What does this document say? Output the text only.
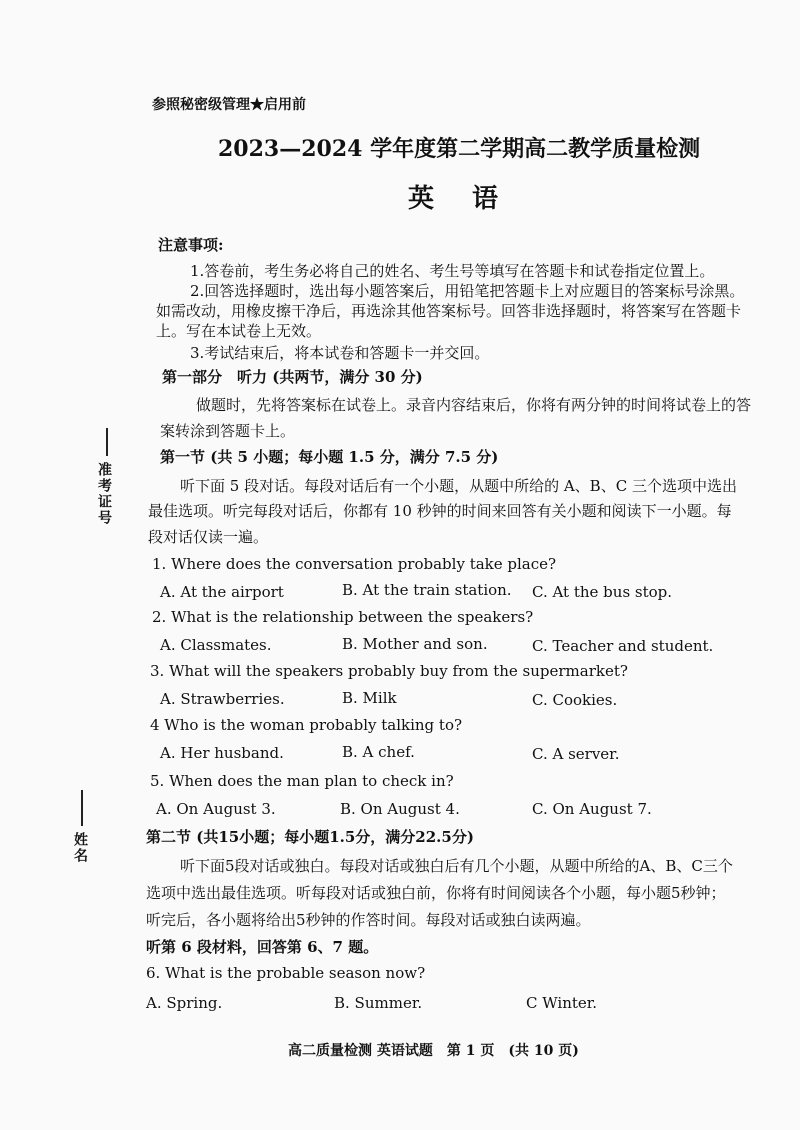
准考证号
姓名
参照秘密级管理★启用前
2023—2024 学年度第二学期高二教学质量检测
英　语
注意事项:
1.答卷前，考生务必将自己的姓名、考生号等填写在答题卡和试卷指定位置上。
2.回答选择题时，选出每小题答案后，用铅笔把答题卡上对应题目的答案标号涂黑。
如需改动，用橡皮擦干净后，再选涂其他答案标号。回答非选择题时，将答案写在答题卡
上。写在本试卷上无效。
3.考试结束后，将本试卷和答题卡一并交回。
第一部分　听力 (共两节，满分 30 分)
做题时，先将答案标在试卷上。录音内容结束后，你将有两分钟的时间将试卷上的答
案转涂到答题卡上。
第一节 (共 5 小题；每小题 1.5 分，满分 7.5 分)
听下面 5 段对话。每段对话后有一个小题，从题中所给的 A、B、C 三个选项中选出
最佳选项。听完每段对话后，你都有 10 秒钟的时间来回答有关小题和阅读下一小题。每
段对话仅读一遍。
1. Where does the conversation probably take place?
A. At the airport	B. At the train station. C. At the bus stop.
2. What is the relationship between the speakers?
A. Classmates.	B. Mother and son.	C. Teacher and student.
3. What will the speakers probably buy from the supermarket?
A. Strawberries.	B. Milk	C. Cookies.
4 Who is the woman probably talking to?
A. Her husband.	B. A chef.	C. A server.
5. When does the man plan to check in?
A. On August 3.	B. On August 4.	C. On August 7.
第二节 (共15小题；每小题1.5分，满分22.5分)
听下面5段对话或独白。每段对话或独白后有几个小题，从题中所给的A、B、C三个
选项中选出最佳选项。听每段对话或独白前，你将有时间阅读各个小题，每小题5秒钟；
听完后，各小题将给出5秒钟的作答时间。每段对话或独白读两遍。
听第 6 段材料，回答第 6、7 题。
6. What is the probable season now?
A. Spring.	B. Summer.	C Winter.
高二质量检测 英语试题　第 1 页　(共 10 页)
